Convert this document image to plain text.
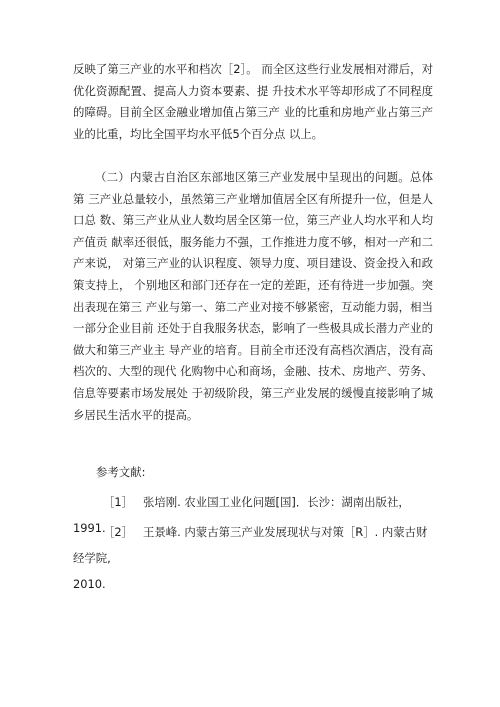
反映了第三产业的水平和档次［2］。 而全区这些行业发展相对滞后，对优化资源配置、提高人力资本要素、提 升技术水平等却形成了不同程度的障碍。目前全区金融业增加值占第三产 业的比重和房地产业占第三产业的比重，均比全国平均水平低5个百分点 以上。

（二）内蒙古自治区东部地区第三产业发展中呈现出的问题。总体第 三产业总量较小，虽然第三产业增加值居全区有所提升一位，但是人口总 数、第三产业从业人数均居全区第一位，第三产业人均水平和人均产值贡 献率还很低，服务能力不强，工作推进力度不够，相对一产和二产来说， 对第三产业的认识程度、领导力度、项目建设、资金投入和政策支持上， 个别地区和部门还存在一定的差距，还有待进一步加强。突出表现在第三 产业与第一、第二产业对接不够紧密，互动能力弱，相当一部分企业目前 还处于自我服务状态，影响了一些极具成长潜力产业的做大和第三产业主 导产业的培育。目前全市还没有高档次酒店，没有高档次的、大型的现代 化购物中心和商场，金融、技术、房地产、劳务、信息等要素市场发展处 于初级阶段，第三产业发展的缓慢直接影响了城乡居民生活水平的提高。

参考文献:

［1］ 张培刚. 农业国工业化问题[国]．长沙：湖南出版社，1991.

［2］ 王景峰. 内蒙古第三产业发展现状与对策［R］. 内蒙古财经学院,
2010.
